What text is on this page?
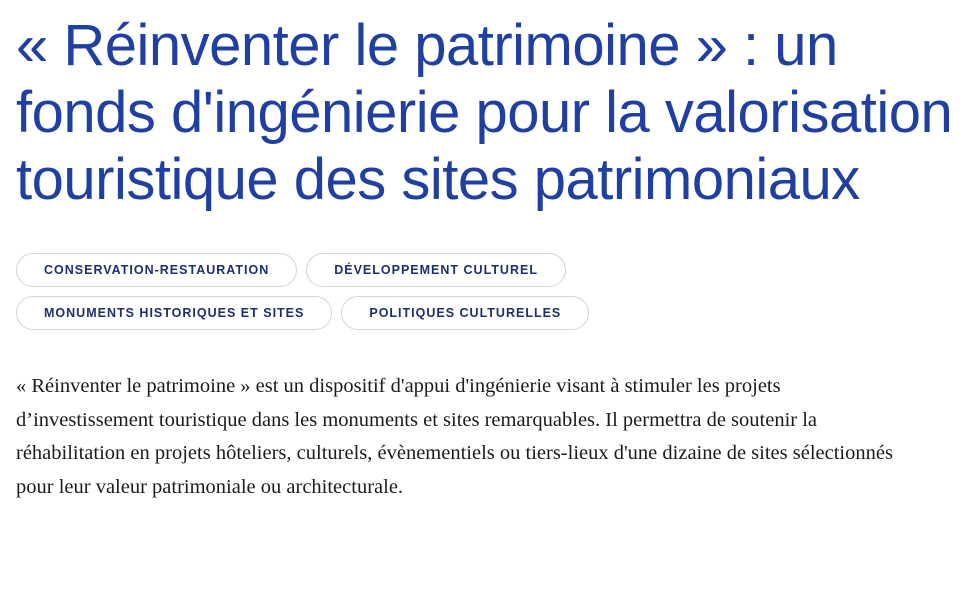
« Réinventer le patrimoine » : un fonds d'ingénierie pour la valorisation touristique des sites patrimoniaux
CONSERVATION-RESTAURATION	DÉVELOPPEMENT CULTUREL
MONUMENTS HISTORIQUES ET SITES	POLITIQUES CULTURELLES

« Réinventer le patrimoine » est un dispositif d'appui d'ingénierie visant à stimuler les projets d’investissement touristique dans les monuments et sites remarquables. Il permettra de soutenir la réhabilitation en projets hôteliers, culturels, évènementiels ou tiers-lieux d'une dizaine de sites sélectionnés pour leur valeur patrimoniale ou architecturale.
